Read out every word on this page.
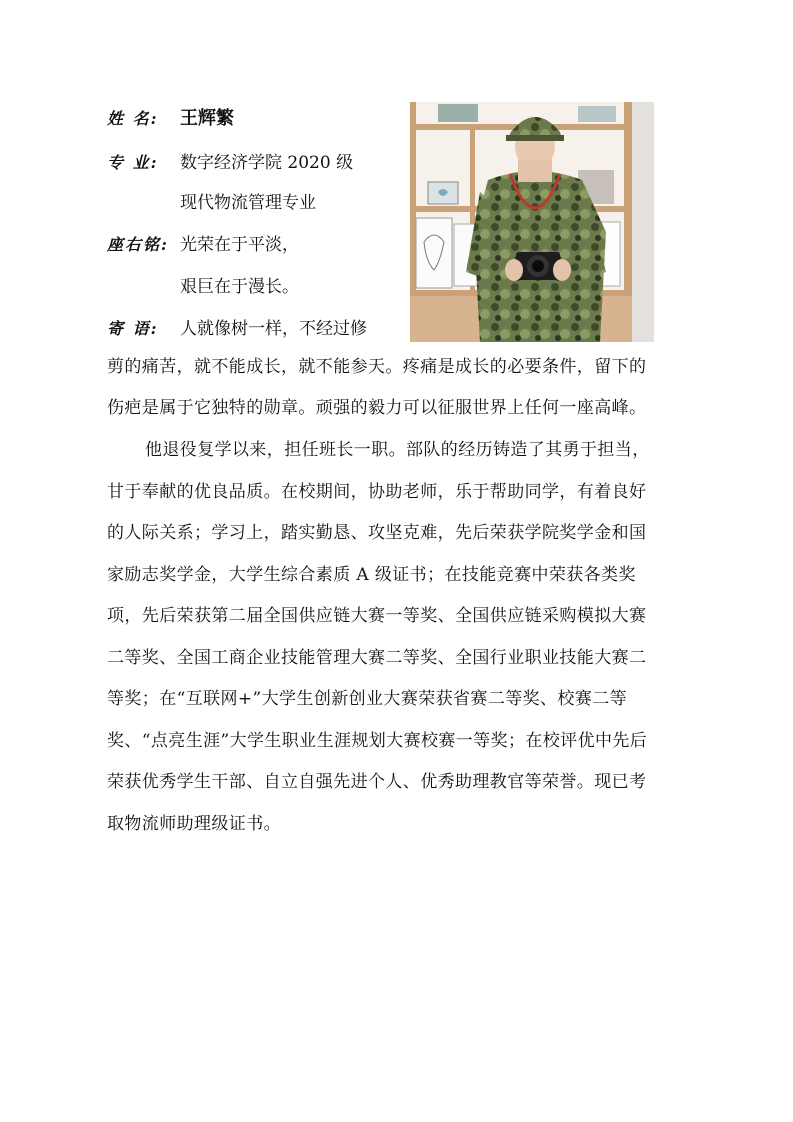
姓 名: 王辉繁
专 业: 数字经济学院 2020 级
现代物流管理专业
座右铭: 光荣在于平淡，
艰巨在于漫长。
寄 语: 人就像树一样，不经过修
剪的痛苦，就不能成长，就不能参天。疼痛是成长的必要条件，留下的
伤疤是属于它独特的勋章。顽强的毅力可以征服世界上任何一座高峰。
他退役复学以来，担任班长一职。部队的经历铸造了其勇于担当，
甘于奉献的优良品质。在校期间，协助老师，乐于帮助同学，有着良好
的人际关系；学习上，踏实勤恳、攻坚克难，先后荣获学院奖学金和国
家励志奖学金，大学生综合素质 A 级证书；在技能竞赛中荣获各类奖
项，先后荣获第二届全国供应链大赛一等奖、全国供应链采购模拟大赛
二等奖、全国工商企业技能管理大赛二等奖、全国行业职业技能大赛二
等奖；在“互联网+”大学生创新创业大赛荣获省赛二等奖、校赛二等
奖、“点亮生涯”大学生职业生涯规划大赛校赛一等奖；在校评优中先后
荣获优秀学生干部、自立自强先进个人、优秀助理教官等荣誉。现已考
取物流师助理级证书。
